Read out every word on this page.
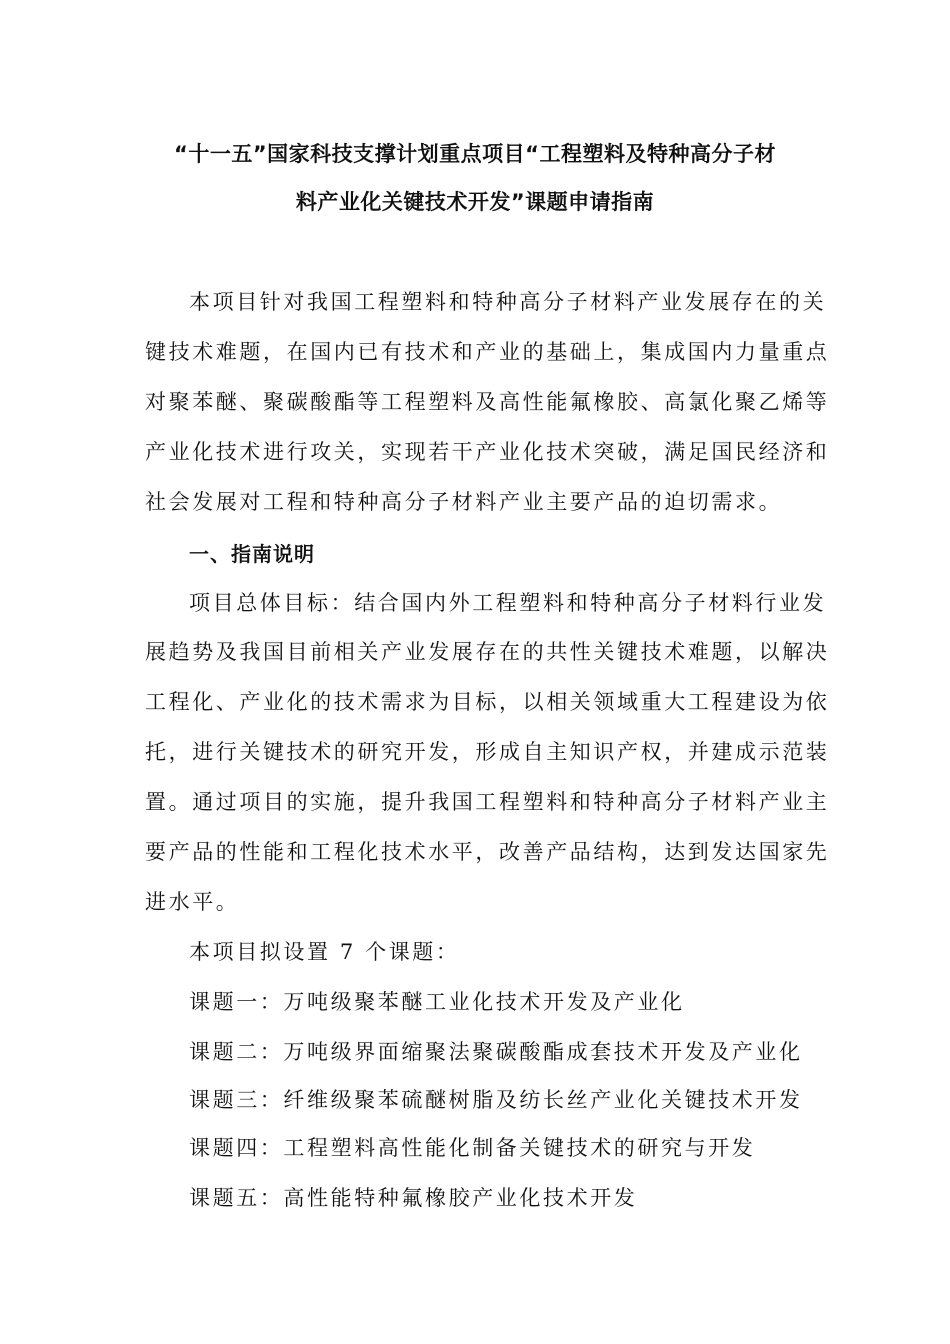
“十一五”国家科技支撑计划重点项目“工程塑料及特种高分子材
料产业化关键技术开发”课题申请指南
本项目针对我国工程塑料和特种高分子材料产业发展存在的关
键技术难题，在国内已有技术和产业的基础上，集成国内力量重点
对聚苯醚、聚碳酸酯等工程塑料及高性能氟橡胶、高氯化聚乙烯等
产业化技术进行攻关，实现若干产业化技术突破，满足国民经济和
社会发展对工程和特种高分子材料产业主要产品的迫切需求。
一、指南说明
项目总体目标：结合国内外工程塑料和特种高分子材料行业发
展趋势及我国目前相关产业发展存在的共性关键技术难题，以解决
工程化、产业化的技术需求为目标，以相关领域重大工程建设为依
托，进行关键技术的研究开发，形成自主知识产权，并建成示范装
置。通过项目的实施，提升我国工程塑料和特种高分子材料产业主
要产品的性能和工程化技术水平，改善产品结构，达到发达国家先
进水平。
本项目拟设置 7 个课题：
课题一：万吨级聚苯醚工业化技术开发及产业化
课题二：万吨级界面缩聚法聚碳酸酯成套技术开发及产业化
课题三：纤维级聚苯硫醚树脂及纺长丝产业化关键技术开发
课题四：工程塑料高性能化制备关键技术的研究与开发
课题五：高性能特种氟橡胶产业化技术开发
